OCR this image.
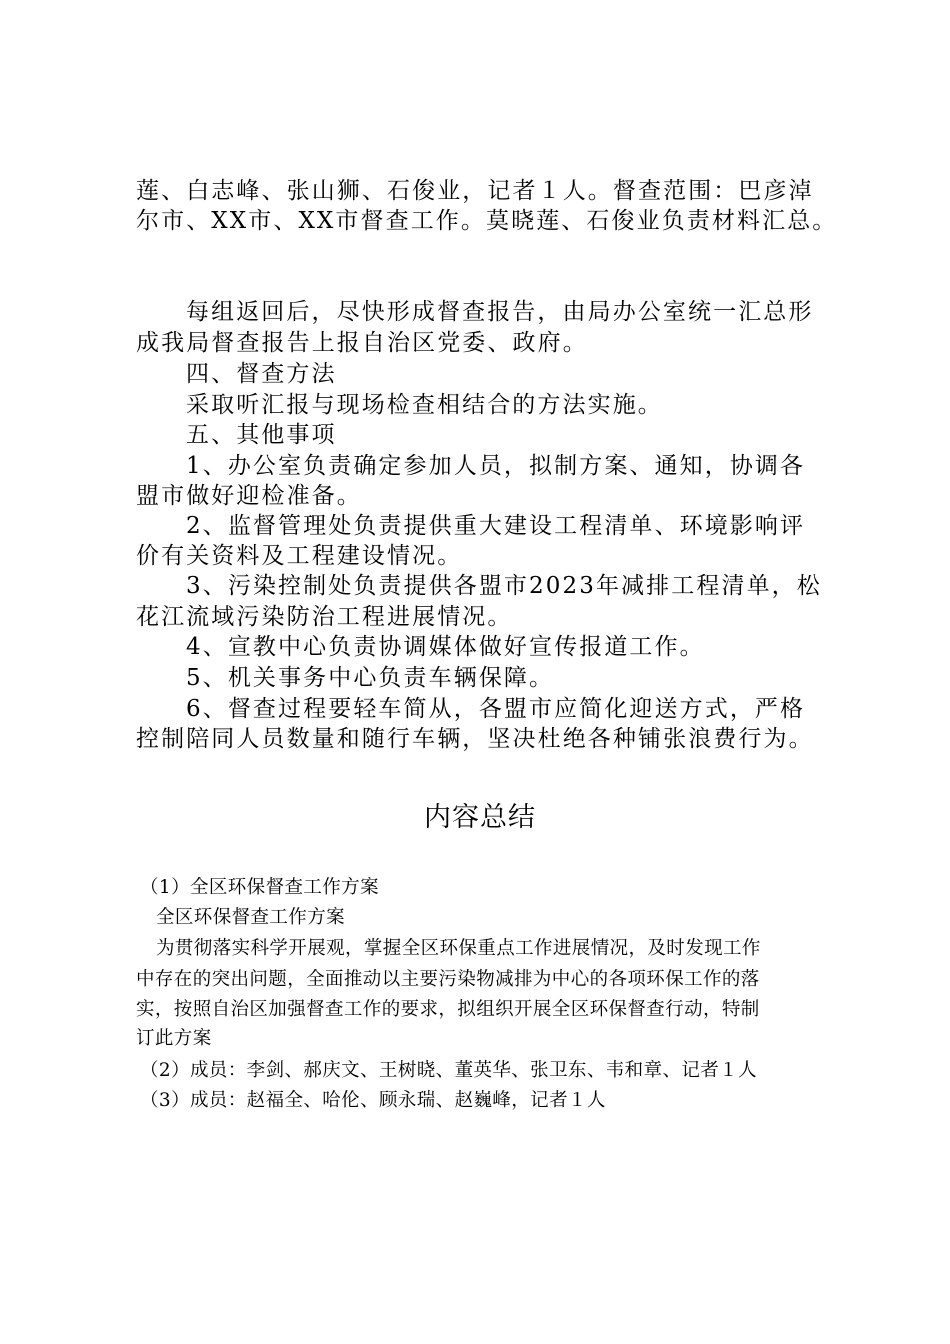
莲、白志峰、张山狮、石俊业，记者１人。督查范围：巴彦淖

尔市、XX市、XX市督查工作。莫晓莲、石俊业负责材料汇总。

每组返回后，尽快形成督查报告，由局办公室统一汇总形

成我局督查报告上报自治区党委、政府。

四、督查方法

采取听汇报与现场检查相结合的方法实施。

五、其他事项

1、办公室负责确定参加人员，拟制方案、通知，协调各

盟市做好迎检准备。

2、监督管理处负责提供重大建设工程清单、环境影响评

价有关资料及工程建设情况。

3、污染控制处负责提供各盟市2023年减排工程清单，松

花江流域污染防治工程进展情况。

4、宣教中心负责协调媒体做好宣传报道工作。

5、机关事务中心负责车辆保障。

6、督查过程要轻车简从，各盟市应简化迎送方式，严格

控制陪同人员数量和随行车辆，坚决杜绝各种铺张浪费行为。

内容总结

（1）全区环保督查工作方案

全区环保督查工作方案

为贯彻落实科学开展观，掌握全区环保重点工作进展情况，及时发现工作

中存在的突出问题，全面推动以主要污染物减排为中心的各项环保工作的落

实，按照自治区加强督查工作的要求，拟组织开展全区环保督查行动，特制

订此方案

（2）成员：李剑、郝庆文、王树晓、董英华、张卫东、韦和章、记者１人

（3）成员：赵福全、哈伦、顾永瑞、赵巍峰，记者１人
